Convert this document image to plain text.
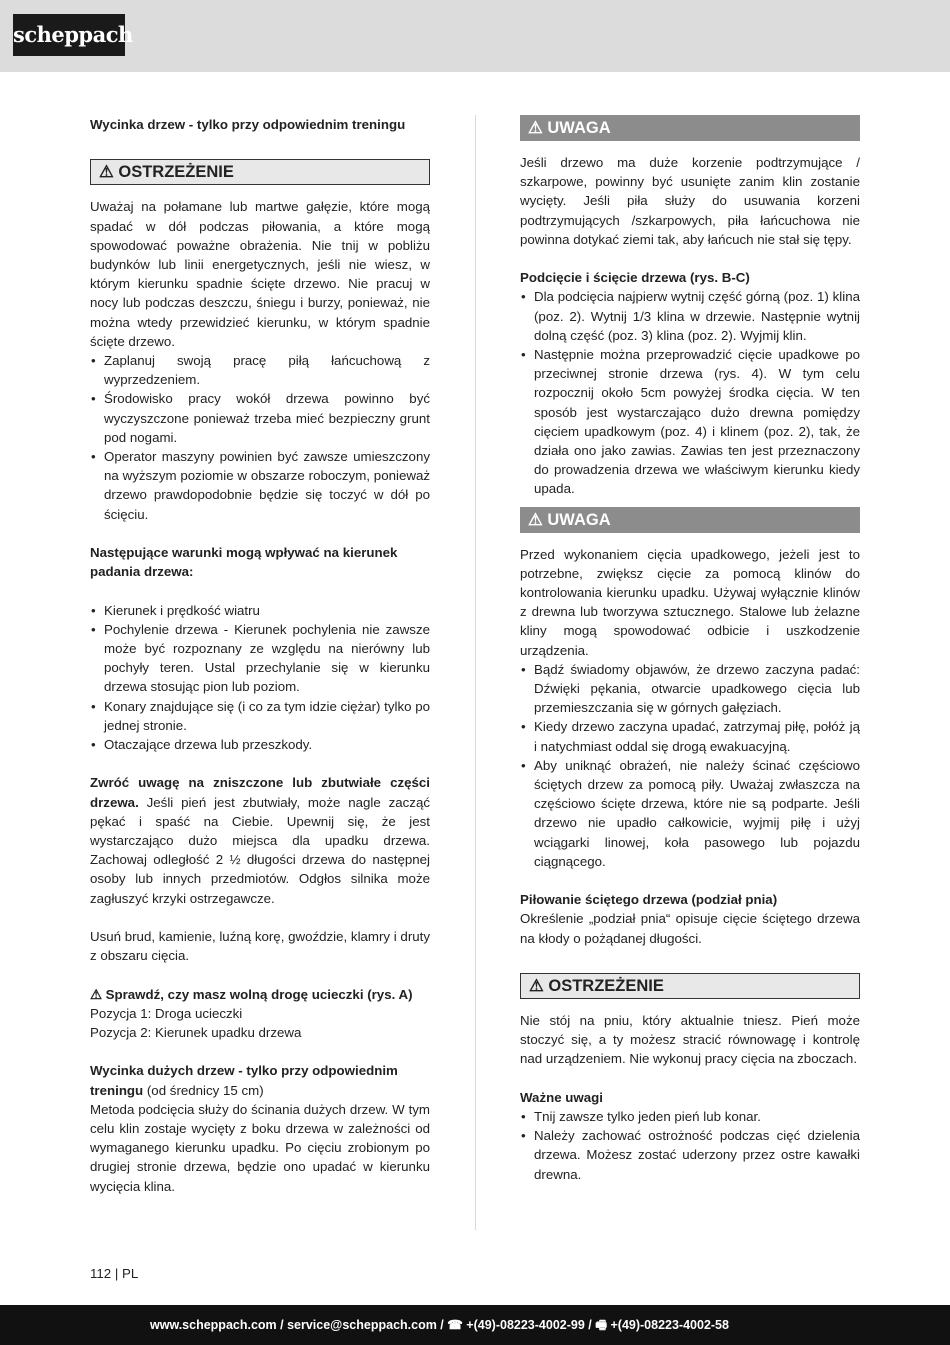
scheppach

Wycinka drzew - tylko przy odpowiednim treningu

⚠ OSTRZEŻENIE

Uważaj na połamane lub martwe gałęzie, które mogą spadać w dół podczas piłowania, a które mogą spowodować poważne obrażenia. Nie tnij w pobliżu budynków lub linii energetycznych, jeśli nie wiesz, w którym kierunku spadnie ścięte drzewo. Nie pracuj w nocy lub podczas deszczu, śniegu i burzy, ponieważ, nie można wtedy przewidzieć kierunku, w którym spadnie ścięte drzewo.

• Zaplanuj swoją pracę piłą łańcuchową z wyprzedzeniem.
• Środowisko pracy wokół drzewa powinno być wyczyszczone ponieważ trzeba mieć bezpieczny grunt pod nogami.
• Operator maszyny powinien być zawsze umieszczony na wyższym poziomie w obszarze roboczym, ponieważ drzewo prawdopodobnie będzie się toczyć w dół po ścięciu.

Następujące warunki mogą wpływać na kierunek padania drzewa:

• Kierunek i prędkość wiatru
• Pochylenie drzewa - Kierunek pochylenia nie zawsze może być rozpoznany ze względu na nierówny lub pochyły teren. Ustal przechylanie się w kierunku drzewa stosując pion lub poziom.
• Konary znajdujące się (i co za tym idzie ciężar) tylko po jednej stronie.
• Otaczające drzewa lub przeszkody.

Zwróć uwagę na zniszczone lub zbutwiałe części drzewa. Jeśli pień jest zbutwiały, może nagle zacząć pękać i spaść na Ciebie. Upewnij się, że jest wystarczająco dużo miejsca dla upadku drzewa. Zachowaj odległość 2 ½ długości drzewa do następnej osoby lub innych przedmiotów. Odgłos silnika może zagłuszyć krzyki ostrzegawcze.

Usuń brud, kamienie, luźną korę, gwoździe, klamry i druty z obszaru cięcia.

⚠ Sprawdź, czy masz wolną drogę ucieczki (rys. A)

Pozycja 1: Droga ucieczki

Pozycja 2: Kierunek upadku drzewa

Wycinka dużych drzew - tylko przy odpowiednim treningu (od średnicy 15 cm)

Metoda podcięcia służy do ścinania dużych drzew. W tym celu klin zostaje wycięty z boku drzewa w zależności od wymaganego kierunku upadku. Po cięciu zrobionym po drugiej stronie drzewa, będzie ono upadać w kierunku wycięcia klina.

⚠ UWAGA

Jeśli drzewo ma duże korzenie podtrzymujące / szkarpowe, powinny być usunięte zanim klin zostanie wycięty. Jeśli piła służy do usuwania korzeni podtrzymujących /szkarpowych, piła łańcuchowa nie powinna dotykać ziemi tak, aby łańcuch nie stał się tępy.

Podcięcie i ścięcie drzewa (rys. B-C)

• Dla podcięcia najpierw wytnij część górną (poz. 1) klina (poz. 2). Wytnij 1/3 klina w drzewie. Następnie wytnij dolną część (poz. 3) klina (poz. 2). Wyjmij klin.
• Następnie można przeprowadzić cięcie upadkowe po przeciwnej stronie drzewa (rys. 4). W tym celu rozpocznij około 5cm powyżej środka cięcia. W ten sposób jest wystarczająco dużo drewna pomiędzy cięciem upadkowym (poz. 4) i klinem (poz. 2), tak, że działa ono jako zawias. Zawias ten jest przeznaczony do prowadzenia drzewa we właściwym kierunku kiedy upada.
⚠ UWAGA

Przed wykonaniem cięcia upadkowego, jeżeli jest to potrzebne, zwiększ cięcie za pomocą klinów do kontrolowania kierunku upadku. Używaj wyłącznie klinów z drewna lub tworzywa sztucznego. Stalowe lub żelazne kliny mogą spowodować odbicie i uszkodzenie urządzenia.

• Bądź świadomy objawów, że drzewo zaczyna padać: Dźwięki pękania, otwarcie upadkowego cięcia lub przemieszczania się w górnych gałęziach.
• Kiedy drzewo zaczyna upadać, zatrzymaj piłę, połóż ją i natychmiast oddal się drogą ewakuacyjną.
• Aby uniknąć obrażeń, nie należy ścinać częściowo ściętych drzew za pomocą piły. Uważaj zwłaszcza na częściowo ścięte drzewa, które nie są podparte. Jeśli drzewo nie upadło całkowicie, wyjmij piłę i użyj wciągarki linowej, koła pasowego lub pojazdu ciągnącego.

Piłowanie ściętego drzewa (podział pnia)

Określenie „podział pnia“ opisuje cięcie ściętego drzewa na kłody o pożądanej długości.

⚠ OSTRZEŻENIE

Nie stój na pniu, który aktualnie tniesz. Pień może stoczyć się, a ty możesz stracić równowagę i kontrolę nad urządzeniem. Nie wykonuj pracy cięcia na zboczach.

Ważne uwagi

• Tnij zawsze tylko jeden pień lub konar.
• Należy zachować ostrożność podczas cięć dzielenia drzewa. Możesz zostać uderzony przez ostre kawałki drewna.
112 | PL
www.scheppach.com / service@scheppach.com / ☎ +(49)-08223-4002-99 / 🖷 +(49)-08223-4002-58
